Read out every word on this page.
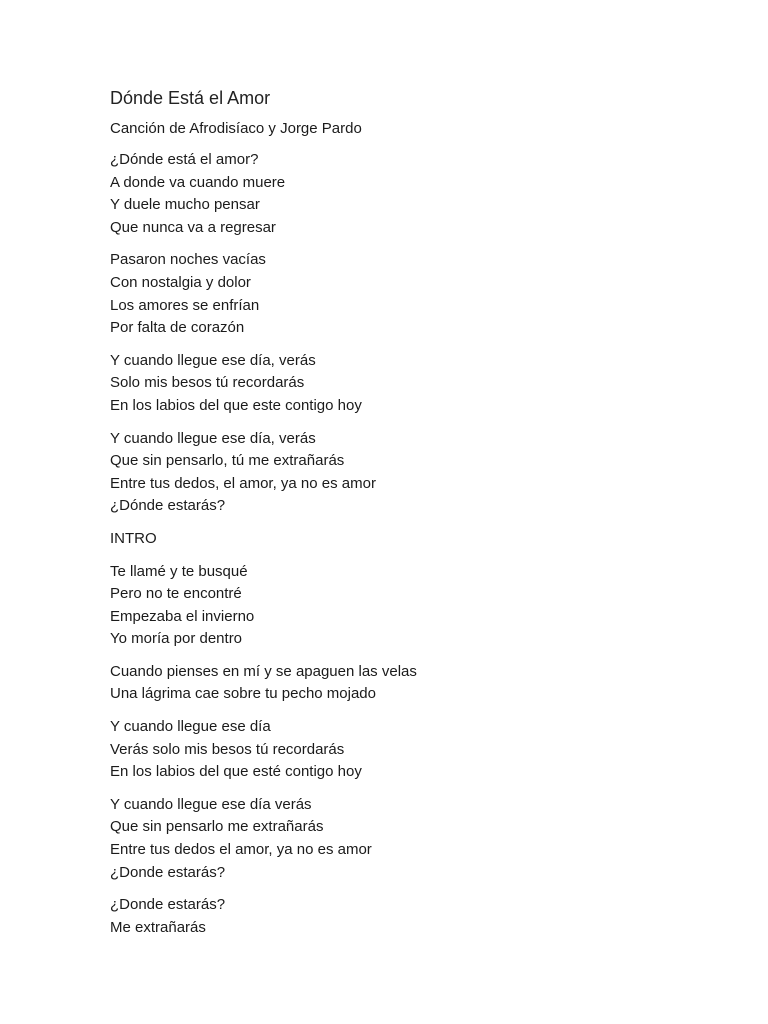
Dónde Está el Amor
Canción de Afrodisíaco y Jorge Pardo
¿Dónde está el amor?
A donde va cuando muere
Y duele mucho pensar
Que nunca va a regresar
Pasaron noches vacías
Con nostalgia y dolor
Los amores se enfrían
Por falta de corazón
Y cuando llegue ese día, verás
Solo mis besos tú recordarás
En los labios del que este contigo hoy
Y cuando llegue ese día, verás
Que sin pensarlo, tú me extrañarás
Entre tus dedos, el amor, ya no es amor
¿Dónde estarás?
INTRO
Te llamé y te busqué
Pero no te encontré
Empezaba el invierno
Yo moría por dentro
Cuando pienses en mí y se apaguen las velas
Una lágrima cae sobre tu pecho mojado
Y cuando llegue ese día
Verás solo mis besos tú recordarás
En los labios del que esté contigo hoy
Y cuando llegue ese día verás
Que sin pensarlo me extrañarás
Entre tus dedos el amor, ya no es amor
¿Donde estarás?
¿Donde estarás?
Me extrañarás
